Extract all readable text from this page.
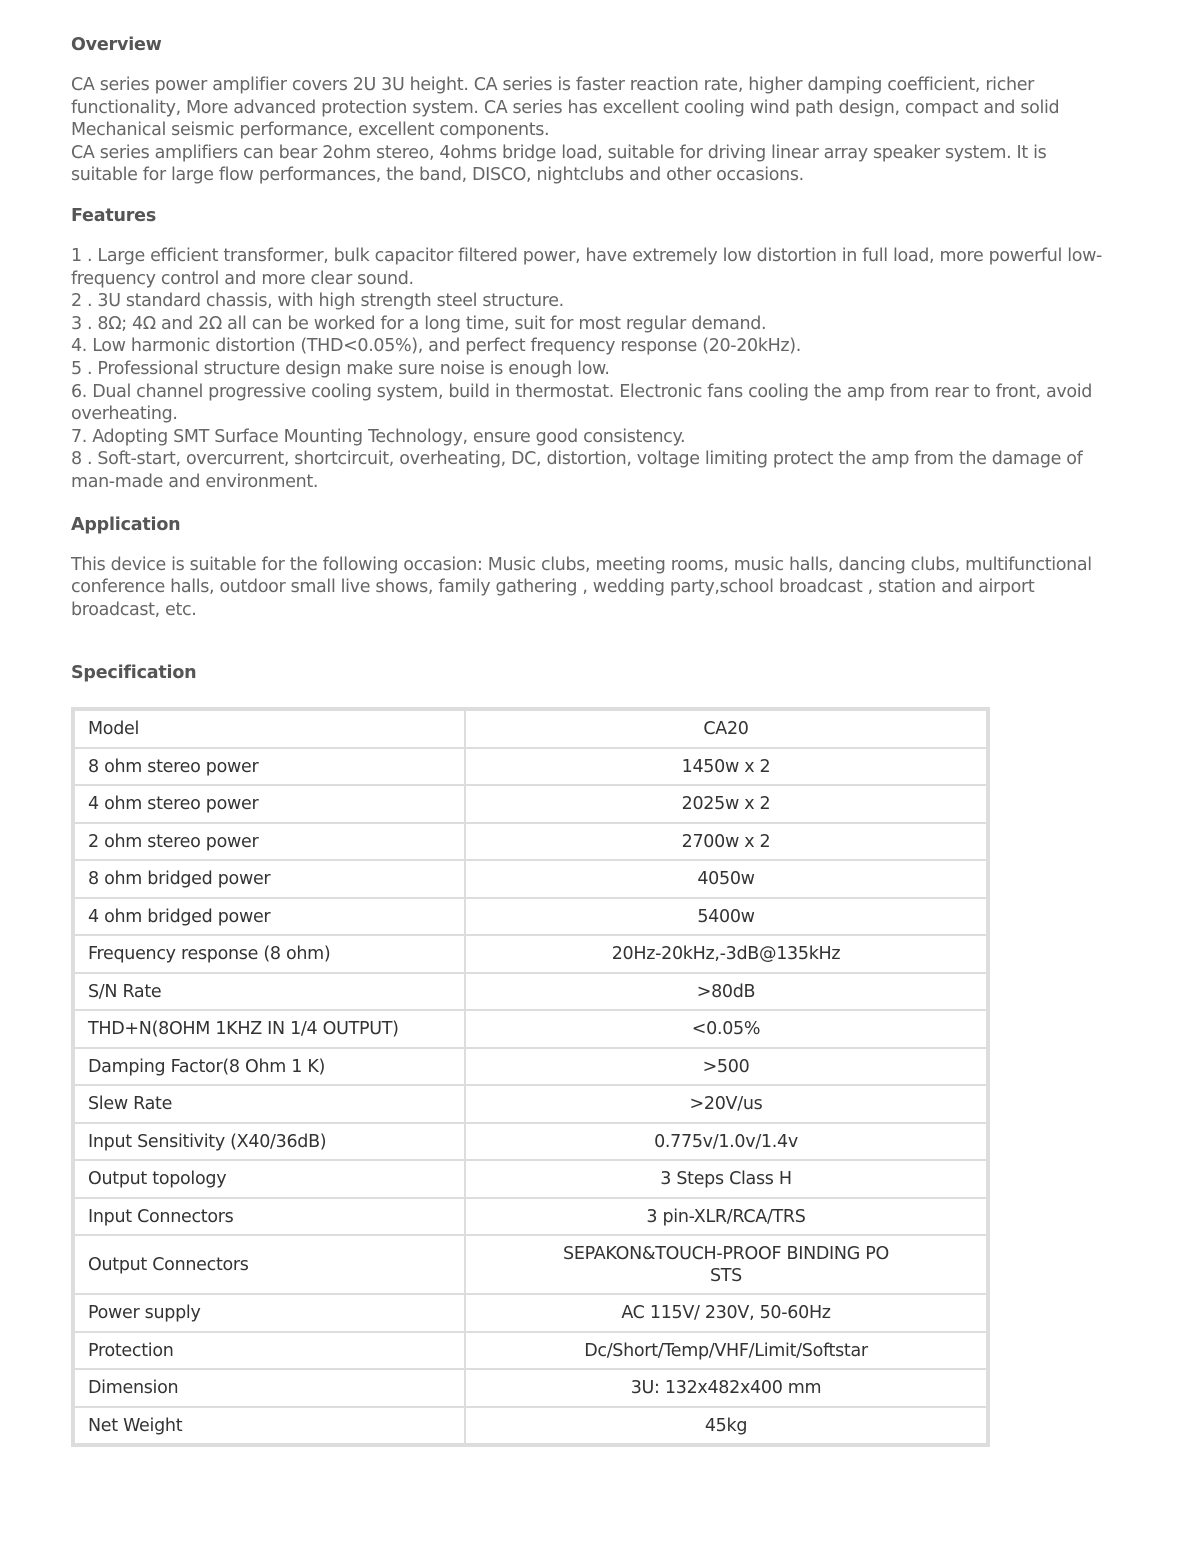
Overview

CA series power amplifier covers 2U 3U height. CA series is faster reaction rate, higher damping coefficient, richer

functionality, More advanced protection system. CA series has excellent cooling wind path design, compact and solid

Mechanical seismic performance, excellent components.

CA series amplifiers can bear 2ohm stereo, 4ohms bridge load, suitable for driving linear array speaker system. It is

suitable for large flow performances, the band, DISCO, nightclubs and other occasions.

Features

1 . Large efficient transformer, bulk capacitor filtered power, have extremely low distortion in full load, more powerful low-

frequency control and more clear sound.

2 . 3U standard chassis, with high strength steel structure.

3 . 8Ω; 4Ω and 2Ω all can be worked for a long time, suit for most regular demand.

4. Low harmonic distortion (THD<0.05%), and perfect frequency response (20-20kHz).

5 . Professional structure design make sure noise is enough low.

6. Dual channel progressive cooling system, build in thermostat. Electronic fans cooling the amp from rear to front, avoid

overheating.

7. Adopting SMT Surface Mounting Technology, ensure good consistency.

8 . Soft-start, overcurrent, shortcircuit, overheating, DC, distortion, voltage limiting protect the amp from the damage of

man-made and environment.

Application

This device is suitable for the following occasion: Music clubs, meeting rooms, music halls, dancing clubs, multifunctional

conference halls, outdoor small live shows, family gathering , wedding party,school broadcast , station and airport

broadcast, etc.

Specification
Model	CA20
8 ohm stereo power	1450w x 2
4 ohm stereo power	2025w x 2
2 ohm stereo power	2700w x 2
8 ohm bridged power	4050w
4 ohm bridged power	5400w
Frequency response (8 ohm)	20Hz-20kHz,-3dB@135kHz
S/N Rate	>80dB
THD+N(8OHM 1KHZ IN 1/4 OUTPUT)	<0.05%
Damping Factor(8 Ohm 1 K)	>500
Slew Rate	>20V/us
Input Sensitivity (X40/36dB)	0.775v/1.0v/1.4v
Output topology	3 Steps Class H
Input Connectors	3 pin-XLR/RCA/TRS
Output Connectors	SEPAKON&TOUCH-PROOF BINDING PO
STS

Power supply	AC 115V/ 230V, 50-60Hz
Protection	Dc/Short/Temp/VHF/Limit/Softstar
Dimension	3U: 132x482x400 mm
Net Weight	45kg
